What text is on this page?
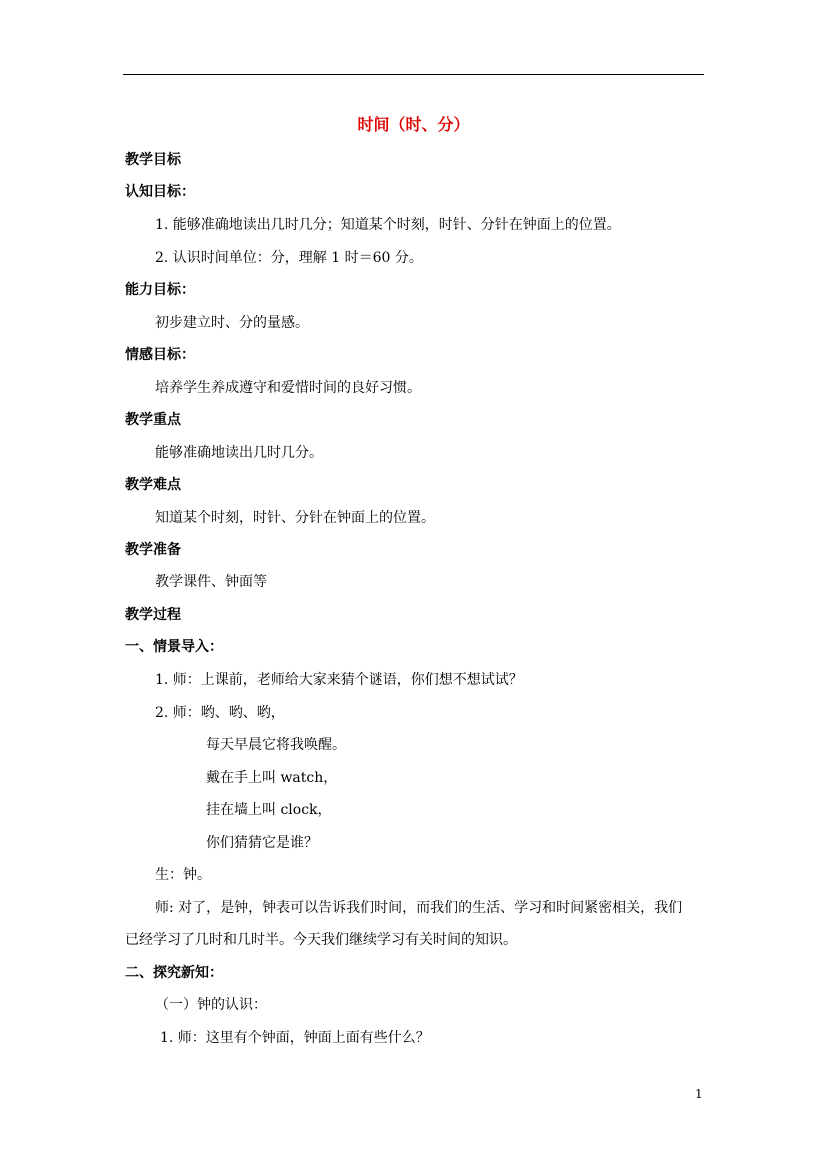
时间（时、分）
教学目标
认知目标：
1. 能够准确地读出几时几分；知道某个时刻，时针、分针在钟面上的位置。
2. 认识时间单位：分，理解 1 时＝60 分。
能力目标：
初步建立时、分的量感。
情感目标：
培养学生养成遵守和爱惜时间的良好习惯。
教学重点
能够准确地读出几时几分。
教学难点
知道某个时刻，时针、分针在钟面上的位置。
教学准备
教学课件、钟面等
教学过程
一、情景导入：
1. 师：上课前，老师给大家来猜个谜语，你们想不想试试？
2. 师：哟、哟、哟，
每天早晨它将我唤醒。
戴在手上叫 watch，
挂在墙上叫 clock，
你们猜猜它是谁？
生：钟。
师: 对了，是钟，钟表可以告诉我们时间，而我们的生活、学习和时间紧密相关，我们
已经学习了几时和几时半。今天我们继续学习有关时间的知识。
二、探究新知：
（一）钟的认识：
1. 师：这里有个钟面，钟面上面有些什么？
1
